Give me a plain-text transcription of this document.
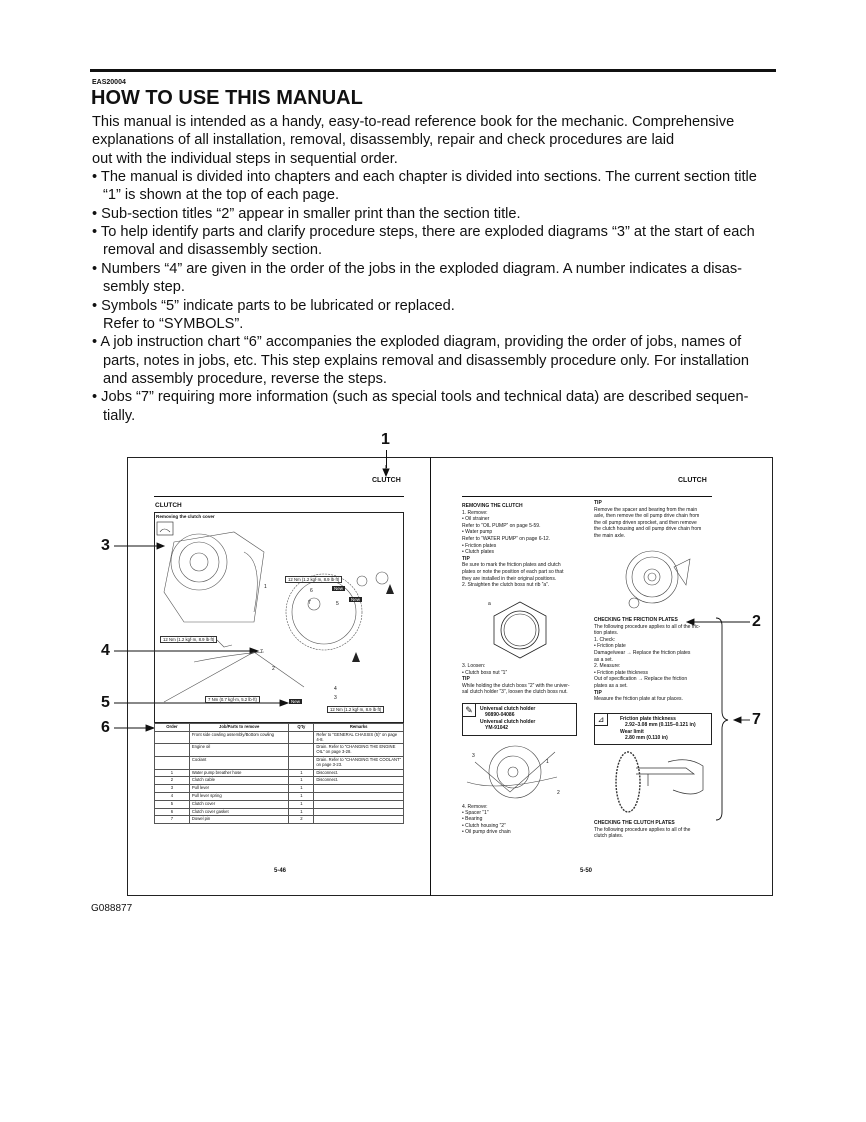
EAS20004
HOW TO USE THIS MANUAL
This manual is intended as a handy, easy-to-read reference book for the mechanic. Comprehensive
explanations of all installation, removal, disassembly, repair and check procedures are laid
out with the individual steps in sequential order.
• The manual is divided into chapters and each chapter is divided into sections. The current section title
“1” is shown at the top of each page.
• Sub-section titles “2” appear in smaller print than the section title.
• To help identify parts and clarify procedure steps, there are exploded diagrams “3” at the start of each
removal and disassembly section.
• Numbers “4” are given in the order of the jobs in the exploded diagram. A number indicates a disas-
sembly step.
• Symbols “5” indicate parts to be lubricated or replaced.
Refer to “SYMBOLS”.
• A job instruction chart “6” accompanies the exploded diagram, providing the order of jobs, names of
parts, notes in jobs, etc. This step explains removal and disassembly procedure only. For installation
and assembly procedure, reverse the steps.
• Jobs “7” requiring more information (such as special tools and technical data) are described sequen-
tially.
1
3
4
5
6
2
7
CLUTCH
CLUTCH
Removing the clutch cover
12 Nm (1.2 kgf·m, 8.9 lb·ft)
12 Nm (1.2 kgf·m, 8.9 lb·ft)
7 Nm (0.7 kgf·m, 5.2 lb·ft)
12 Nm (1.2 kgf·m, 8.9 lb·ft)
New
New
New
1
2
3
4
5
6
7
7
Order	Job/Parts to remove	Q'ty	Remarks
	Front side cowling assembly/Bottom cowling		Refer to “GENERAL CHASSIS (5)” on page 4-8.
	Engine oil		Drain. Refer to “CHANGING THE ENGINE OIL” on page 3-28.
	Coolant		Drain. Refer to “CHANGING THE COOLANT” on page 3-23.
1	Water pump breather hose	1	Disconnect.
2	Clutch cable	1	Disconnect.
3	Pull lever	1	
4	Pull lever spring	1	
5	Clutch cover	1	
6	Clutch cover gasket	1	
7	Dowel pin	2	
5-46
CLUTCH
REMOVING THE CLUTCH
1. Remove:
• Oil strainer
Refer to “OIL PUMP” on page 5-59.
• Water pump
Refer to “WATER PUMP” on page 6-12.
• Friction plates
• Clutch plates
TIP
Be sure to mark the friction plates and clutch
plates or note the position of each part so that
they are installed in their original positions.
2. Straighten the clutch boss nut rib “a”.
a
3. Loosen:
• Clutch boss nut “1”
TIP
While holding the clutch boss “2” with the univer-
sal clutch holder “3”, loosen the clutch boss nut.
✎	Universal clutch holder
90890-04086
Universal clutch holder
YM-91042
3
1
2
4. Remove:
• Spacer “1”
• Bearing
• Clutch housing “2”
• Oil pump drive chain
TIP
Remove the spacer and bearing from the main
axle, then remove the oil pump drive chain from
the oil pump driven sprocket, and then remove
the clutch housing and oil pump drive chain from
the main axle.
CHECKING THE FRICTION PLATES
The following procedure applies to all of the fric-
tion plates.
1. Check:
• Friction plate
Damage/wear → Replace the friction plates
as a set.
2. Measure:
• Friction plate thickness
Out of specification → Replace the friction
plates as a set.
TIP
Measure the friction plate at four places.
⊿	Friction plate thickness
2.92–3.08 mm (0.115–0.121 in)
Wear limit
2.80 mm (0.110 in)
CHECKING THE CLUTCH PLATES
The following procedure applies to all of the
clutch plates.
5-50
G088877
